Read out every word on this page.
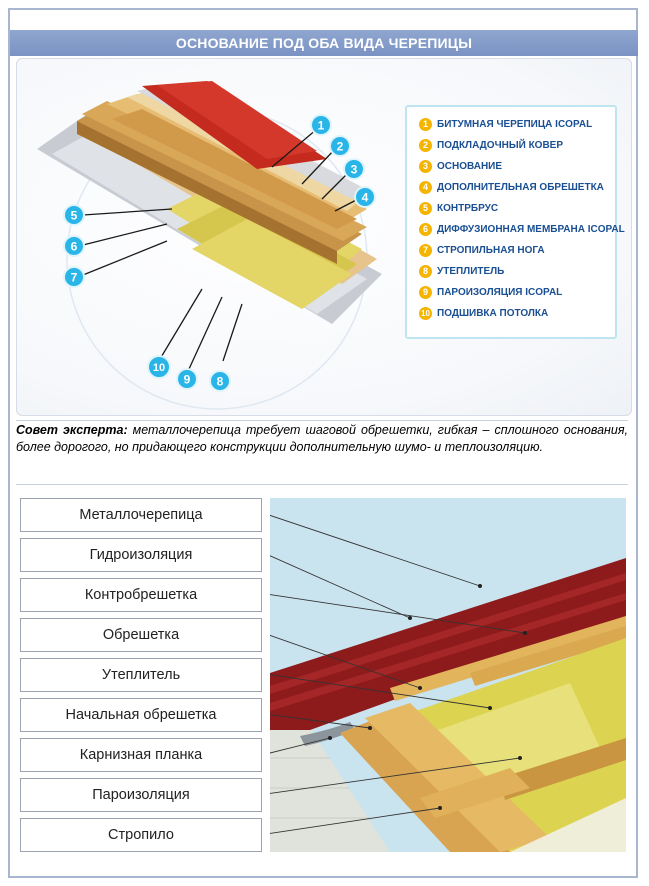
ОСНОВАНИЕ ПОД ОБА ВИДА ЧЕРЕПИЦЫ
1
2
3
4
5
6
7
8
9
10
1 БИТУМНАЯ ЧЕРЕПИЦА ICOPAL
2 ПОДКЛАДОЧНЫЙ КОВЕР
3 ОСНОВАНИЕ
4 ДОПОЛНИТЕЛЬНАЯ ОБРЕШЕТКА
5 КОНТРБРУС
6 ДИФФУЗИОННАЯ МЕМБРАНА ICOPAL
7 СТРОПИЛЬНАЯ НОГА
8 УТЕПЛИТЕЛЬ
9 ПАРОИЗОЛЯЦИЯ ICOPAL
10 ПОДШИВКА ПОТОЛКА
Совет эксперта: металлочерепица требует шаговой обрешетки, гибкая – сплошного основания, более дорогого, но придающего конструкции дополнительную шумо- и теплоизоляцию.
Металлочерепица
Гидроизоляция
Контробрешетка
Обрешетка
Утеплитель
Начальная обрешетка
Карнизная планка
Пароизоляция
Стропило
